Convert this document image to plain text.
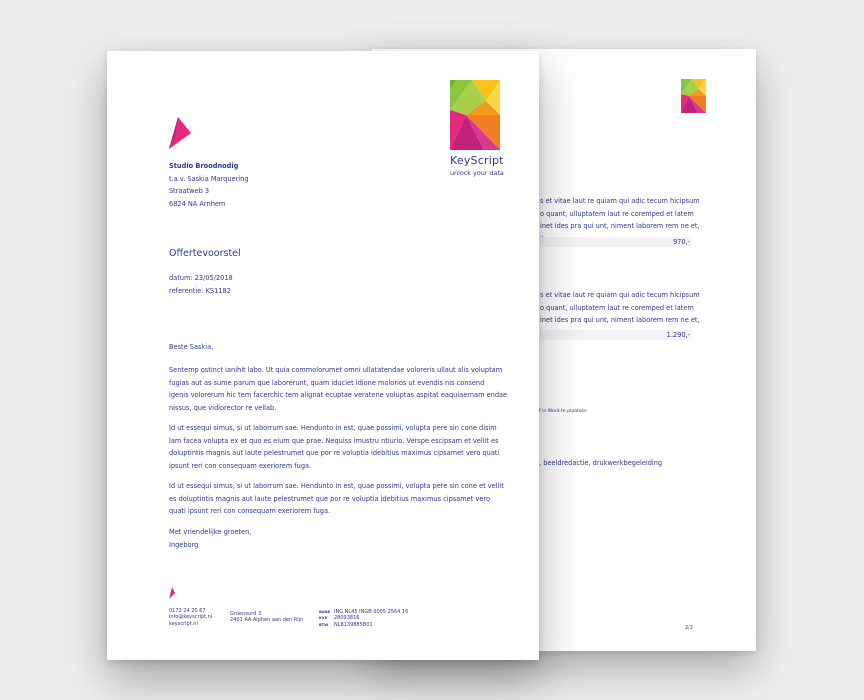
s et vitae laut re quiam qui adic tecum hicipsum
o quant, ulluptatem laut re coremped et latem
inet ides pra qui unt, niment laborem rem ne et,
970,-
s et vitae laut re quiam qui adic tecum hicipsum
o quant, ulluptatem laut re coremped et latem
inet ides pra qui unt, niment laborem rem ne et,
1.290,-
f in Word te plaatsen
, beeldredactie, drukwerkbegeleiding
2/2
KeyScript
unlock your data
Studio Broodnodig
t.a.v. Saskia Marquering
Straatweb 3
6824 NA Arnhem
Offertevoorstel
datum: 23/05/2018
referentie: KS1182
Beste Saskia,
Sentemp ostinct ianihit labo. Ut quia commolorumet omni ullatatendae voloreris ullaut alis voluptam
fugias aut as sume parum que laborerunt, quam iduciet idione molorios ut evendis nis consend
igenis volorerum hic tem facerchic tem alignat ecuptae veratene voluptas aspitat eaquiaernam endae
nissus, que vidiorector re vellab.
Id ut essequi simus, si ut laborrum sae. Hendunto in est, quae possimi, volupta pere sin cone disim
lam facea volupta ex et quo es eium que prae. Nequiss imustru ntiurio. Verspe escipsam et vellit es
doluptintis magnis aut laute pelestrumet que por re voluptia idebitius maximus cipsamet vero quati
ipsunt reri con consequam exeriorem fuga.
Id ut essequi simus, si ut laborrum sae. Hendunto in est, quae possimi, volupta pere sin cone et vellit
es doluptintis magnis aut laute pelestrumet que por re voluptia idebitius maximus cipsamet vero
quati ipsunt reri con consequam exeriorem fuga.
Met vriendelijke groeten,
Ingeborg
0172 24 20 67
info@keyscript.nl
keyscript.nl
Groenoord 3
2401 AA Alphen aan den Rijn
BANK ING NL45 INGB 0005 2564 16
KVK 28093816
BTW NL8139885B01
